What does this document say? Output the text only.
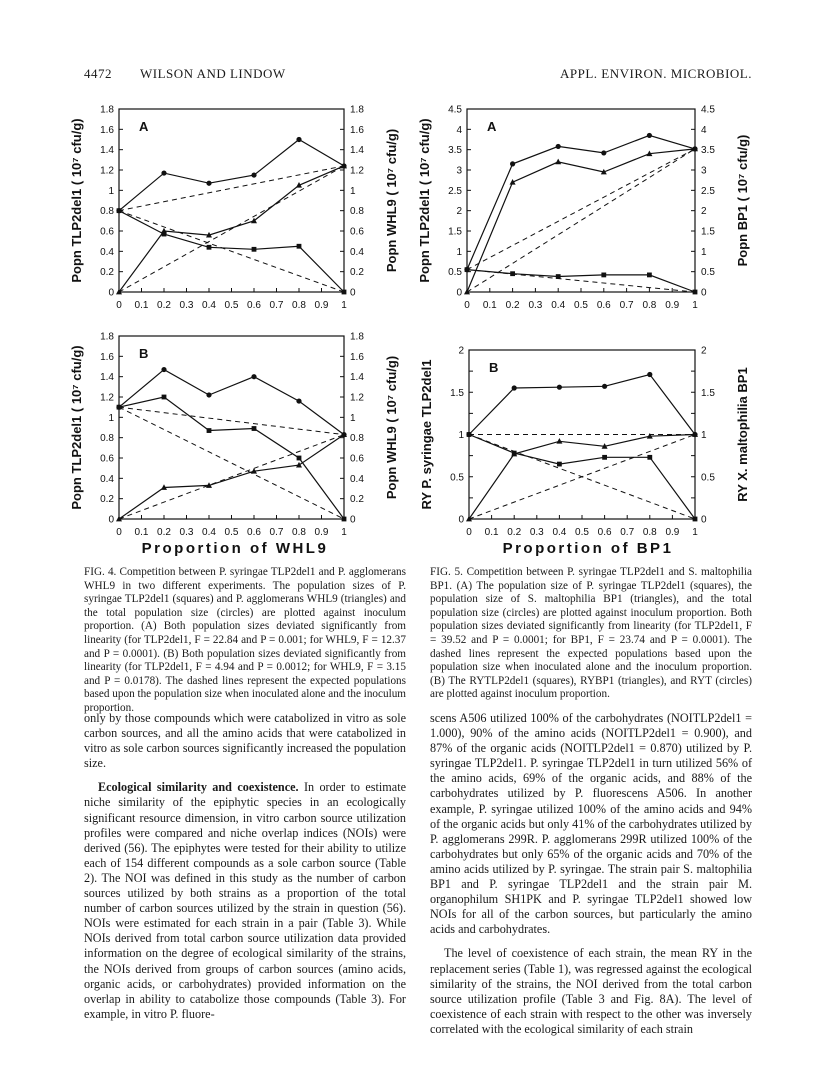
4472 WILSON AND LINDOW	APPL. ENVIRON. MICROBIOL.
0	0
0.2	0.2
0.4	0.4
0.6	0.6
0.8	0.8
1	1
1.2	1.2
1.4	1.4
1.6	1.6
1.8	1.8
0 0.1 0.2 0.3 0.4 0.5 0.6 0.7 0.8 0.9 1
Popn TLP2del1 ( 10⁷ cfu/g)	Popn WHL9 ( 10⁷ cfu/g)
A
0	0
0.2	0.2
0.4	0.4
0.6	0.6
0.8	0.8
1	1
1.2	1.2
1.4	1.4
1.6	1.6
1.8	1.8
0 0.1 0.2 0.3 0.4 0.5 0.6 0.7 0.8 0.9 1
Popn TLP2del1 ( 10⁷ cfu/g)	Popn WHL9 ( 10⁷ cfu/g)
B
Proportion of WHL9
0	0
0.5	0.5
1	1
1.5	1.5
2	2
2.5	2.5
3	3
3.5	3.5
4	4
4.5	4.5
0 0.1 0.2 0.3 0.4 0.5 0.6 0.7 0.8 0.9 1
Popn TLP2del1 ( 10⁷ cfu/g)	Popn BP1 ( 10⁷ cfu/g)
A
0	0
0.5	0.5
1	1
1.5	1.5
2	2
0 0.1 0.2 0.3 0.4 0.5 0.6 0.7 0.8 0.9 1
RY P. syringae TLP2del1	RY X. maltophilia BP1
B
Proportion of BP1
FIG. 4. Competition between P. syringae TLP2del1 and P. agglomerans WHL9 in two different experiments. The population sizes of P. syringae TLP2del1 (squares) and P. agglomerans WHL9 (triangles) and the total population size (circles) are plotted against inoculum proportion. (A) Both population sizes deviated significantly from linearity (for TLP2del1, F = 22.84 and P = 0.001; for WHL9, F = 12.37 and P = 0.0001). (B) Both population sizes deviated significantly from linearity (for TLP2del1, F = 4.94 and P = 0.0012; for WHL9, F = 3.15 and P = 0.0178). The dashed lines represent the expected populations based upon the population size when inoculated alone and the inoculum proportion.
FIG. 5. Competition between P. syringae TLP2del1 and S. maltophilia BP1. (A) The population size of P. syringae TLP2del1 (squares), the population size of S. maltophilia BP1 (triangles), and the total population size (circles) are plotted against inoculum proportion. Both population sizes deviated significantly from linearity (for TLP2del1, F = 39.52 and P = 0.0001; for BP1, F = 23.74 and P = 0.0001). The dashed lines represent the expected populations based upon the population size when inoculated alone and the inoculum proportion. (B) The RYTLP2del1 (squares), RYBP1 (triangles), and RYT (circles) are plotted against inoculum proportion.

only by those compounds which were catabolized in vitro as sole carbon sources, and all the amino acids that were catabolized in vitro as sole carbon sources significantly increased the population size.

Ecological similarity and coexistence. In order to estimate niche similarity of the epiphytic species in an ecologically significant resource dimension, in vitro carbon source utilization profiles were compared and niche overlap indices (NOIs) were derived (56). The epiphytes were tested for their ability to utilize each of 154 different compounds as a sole carbon source (Table 2). The NOI was defined in this study as the number of carbon sources utilized by both strains as a proportion of the total number of carbon sources utilized by the strain in question (56). NOIs were estimated for each strain in a pair (Table 3). While NOIs derived from total carbon source utilization data provided information on the degree of ecological similarity of the strains, the NOIs derived from groups of carbon sources (amino acids, organic acids, or carbohydrates) provided information on the overlap in ability to catabolize those compounds (Table 3). For example, in vitro P. fluore-

scens A506 utilized 100% of the carbohydrates (NOITLP2del1 = 1.000), 90% of the amino acids (NOITLP2del1 = 0.900), and 87% of the organic acids (NOITLP2del1 = 0.870) utilized by P. syringae TLP2del1. P. syringae TLP2del1 in turn utilized 56% of the amino acids, 69% of the organic acids, and 88% of the carbohydrates utilized by P. fluorescens A506. In another example, P. syringae utilized 100% of the amino acids and 94% of the organic acids but only 41% of the carbohydrates utilized by P. agglomerans 299R. P. agglomerans 299R utilized 100% of the carbohydrates but only 65% of the organic acids and 70% of the amino acids utilized by P. syringae. The strain pair S. maltophilia BP1 and P. syringae TLP2del1 and the strain pair M. organophilum SH1PK and P. syringae TLP2del1 showed low NOIs for all of the carbon sources, but particularly the amino acids and carbohydrates.

The level of coexistence of each strain, the mean RY in the replacement series (Table 1), was regressed against the ecological similarity of the strains, the NOI derived from the total carbon source utilization profile (Table 3 and Fig. 8A). The level of coexistence of each strain with respect to the other was inversely correlated with the ecological similarity of each strain
